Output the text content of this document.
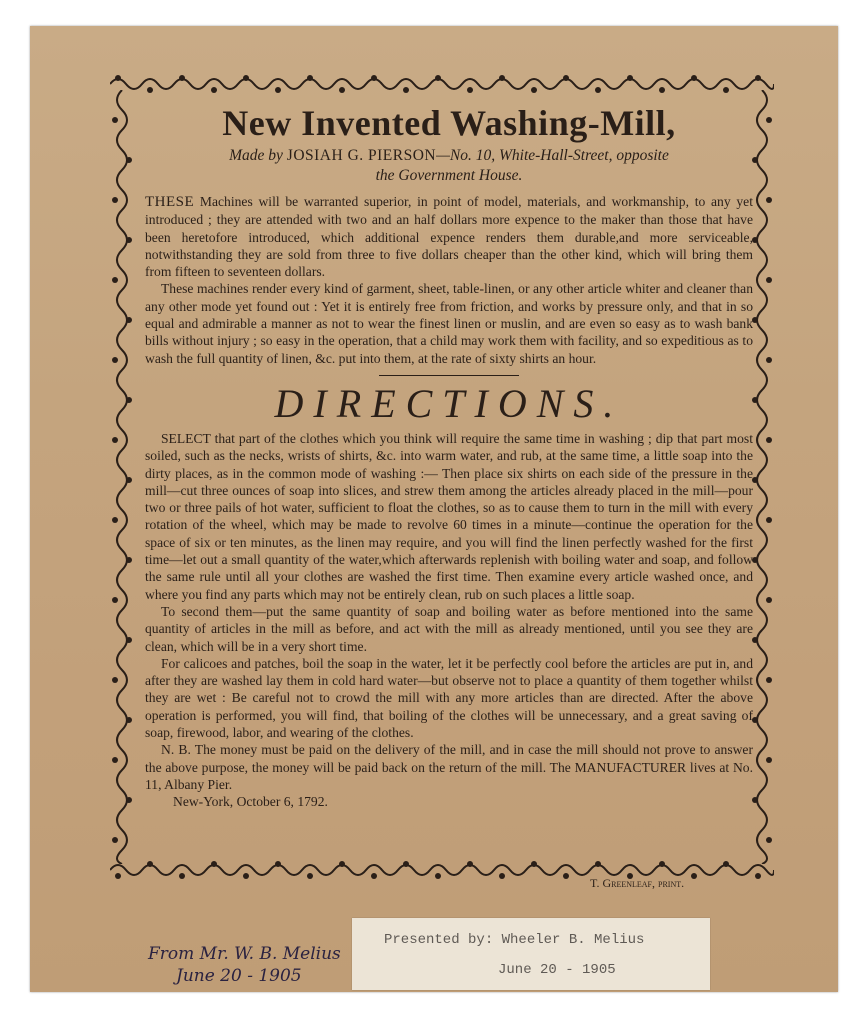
New Invented Washing-Mill,

Made by JOSIAH G. PIERSON—No. 10, White-Hall-Street, opposite

the Government House.

THESE Machines will be warranted superior, in point of model, materials, and workmanship, to any yet introduced ; they are attended with two and an half dollars more expence to the maker than those that have been heretofore introduced, which additional expence renders them durable,and more serviceable, notwithstanding they are sold from three to five dollars cheaper than the other kind, which will bring them from fifteen to seventeen dollars.

These machines render every kind of garment, sheet, table-linen, or any other article whiter and cleaner than any other mode yet found out : Yet it is entirely free from friction, and works by pressure only, and that in so equal and admirable a manner as not to wear the finest linen or muslin, and are even so easy as to wash bank bills without injury ; so easy in the operation, that a child may work them with facility, and so expeditious as to wash the full quantity of linen, &c. put into them, at the rate of sixty shirts an hour.

DIRECTIONS.

SELECT that part of the clothes which you think will require the same time in washing ; dip that part most soiled, such as the necks, wrists of shirts, &c. into warm water, and rub, at the same time, a little soap into the dirty places, as in the common mode of washing :— Then place six shirts on each side of the pressure in the mill—cut three ounces of soap into slices, and strew them among the articles already placed in the mill—pour two or three pails of hot water, sufficient to float the clothes, so as to cause them to turn in the mill with every rotation of the wheel, which may be made to revolve 60 times in a minute—continue the operation for the space of six or ten minutes, as the linen may require, and you will find the linen perfectly washed for the first time—let out a small quantity of the water,which afterwards replenish with boiling water and soap, and follow the same rule until all your clothes are washed the first time. Then examine every article washed once, and where you find any parts which may not be entirely clean, rub on such places a little soap.

To second them—put the same quantity of soap and boiling water as before mentioned into the same quantity of articles in the mill as before, and act with the mill as already mentioned, until you see they are clean, which will be in a very short time.

For calicoes and patches, boil the soap in the water, let it be perfectly cool before the articles are put in, and after they are washed lay them in cold hard water—but observe not to place a quantity of them together whilst they are wet : Be careful not to crowd the mill with any more articles than are directed. After the above operation is performed, you will find, that boiling of the clothes will be unnecessary, and a great saving of soap, firewood, labor, and wearing of the clothes.

N. B. The money must be paid on the delivery of the mill, and in case the mill should not prove to answer the above purpose, the money will be paid back on the return of the mill. The MANUFACTURER lives at No. 11, Albany Pier.

New-York, October 6, 1792.

T. Greenleaf, print.
From Mr. W. B. Melius
June 20 - 1905
Presented by: Wheeler B. Melius
June 20 - 1905
